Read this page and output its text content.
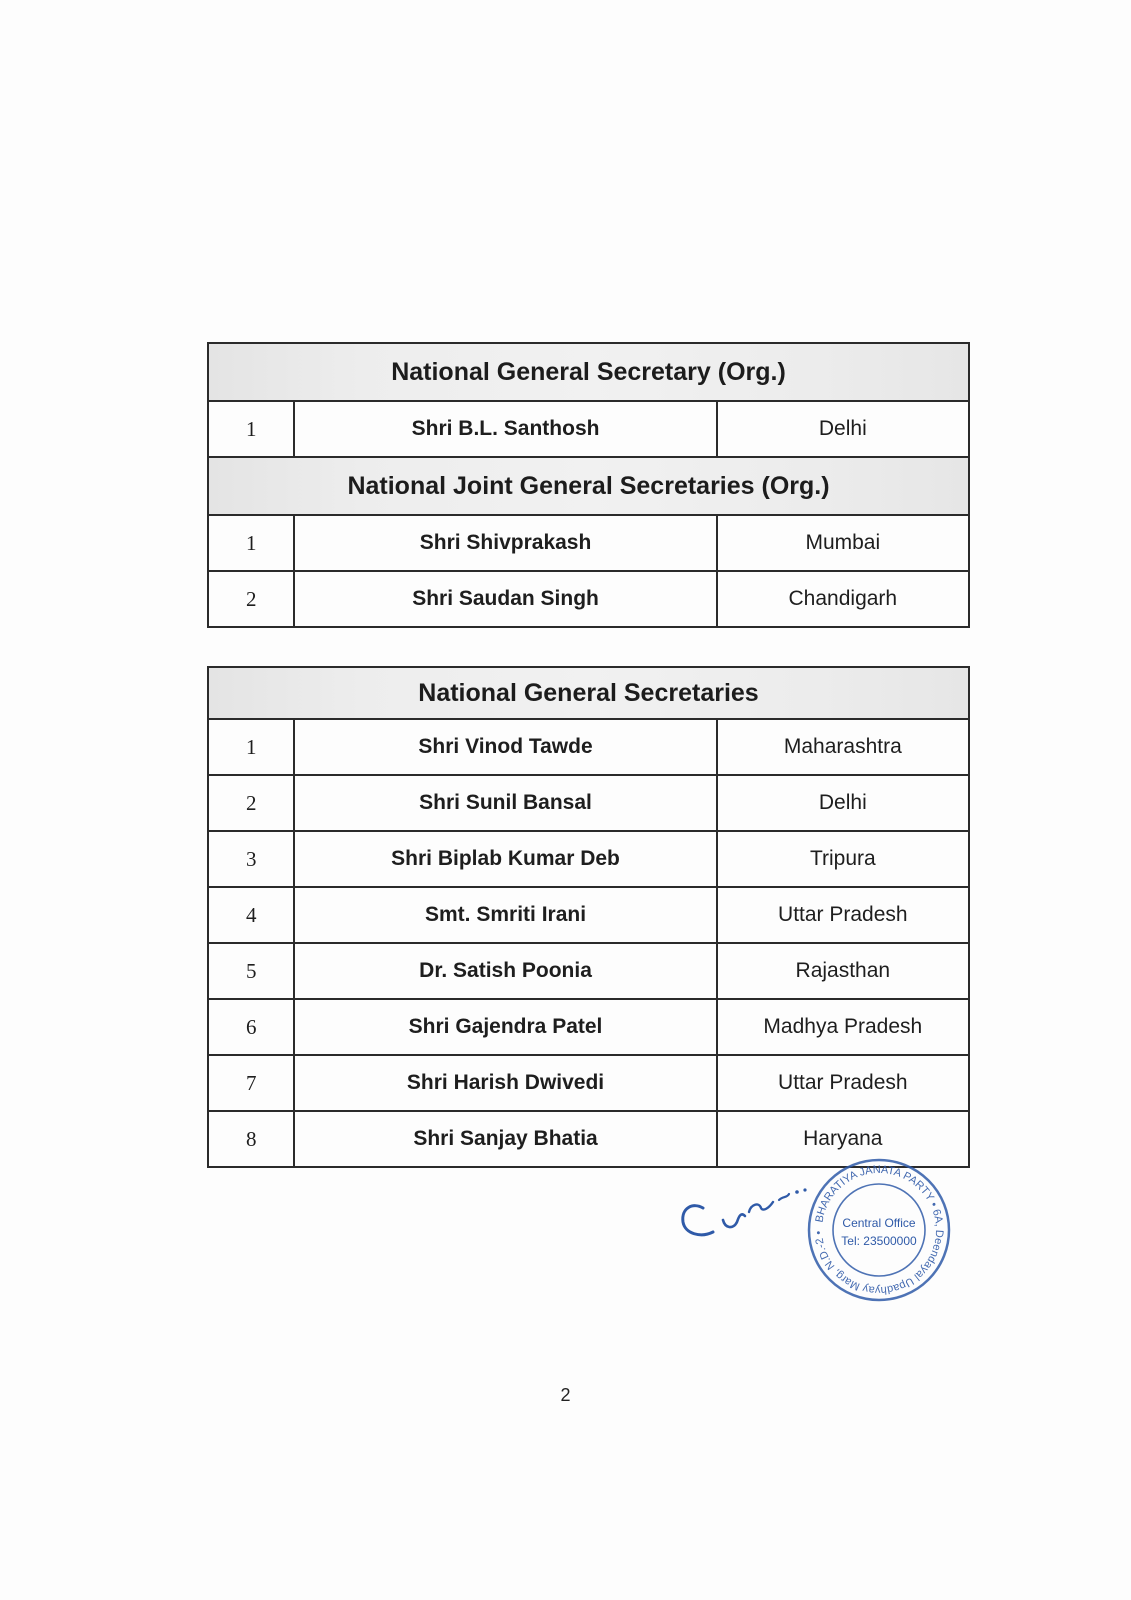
National General Secretary (Org.)		
1	Shri B.L. Santhosh	Delhi
National Joint General Secretaries (Org.)		
1	Shri Shivprakash	Mumbai
2	Shri Saudan Singh	Chandigarh
National General Secretaries		
1	Shri Vinod Tawde	Maharashtra
2	Shri Sunil Bansal	Delhi
3	Shri Biplab Kumar Deb	Tripura
4	Smt. Smriti Irani	Uttar Pradesh
5	Dr. Satish Poonia	Rajasthan
6	Shri Gajendra Patel	Madhya Pradesh
7	Shri Harish Dwivedi	Uttar Pradesh
8	Shri Sanjay Bhatia	Haryana
BHARATIYA JANATA PARTY • 6A, Deendayal Upadhyay Marg, N.D.-2 •
Central Office
Tel: 23500000
2
